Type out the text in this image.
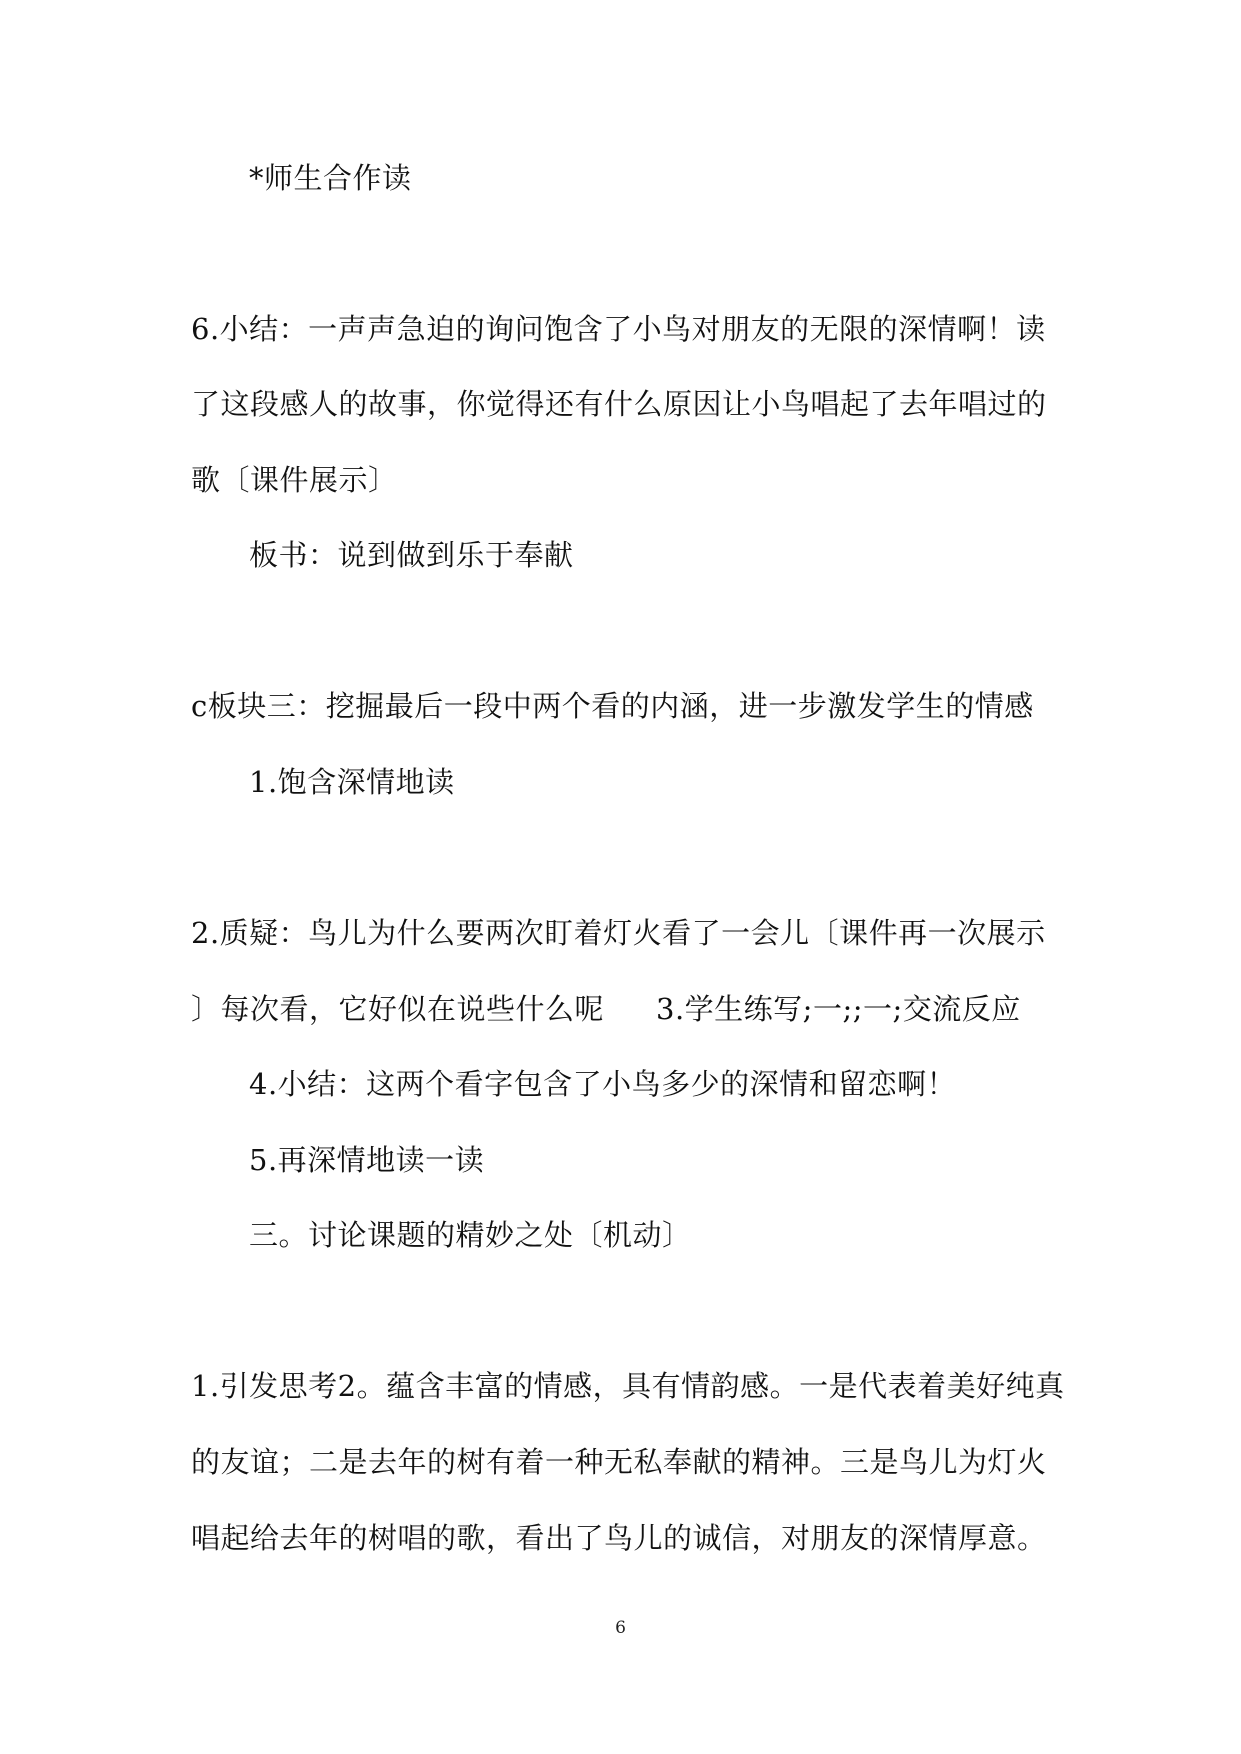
*师生合作读
6.小结：一声声急迫的询问饱含了小鸟对朋友的无限的深情啊！读
了这段感人的故事，你觉得还有什么原因让小鸟唱起了去年唱过的
歌〔课件展示〕
板书：说到做到乐于奉献
c板块三：挖掘最后一段中两个看的内涵，进一步激发学生的情感
1.饱含深情地读
2.质疑：鸟儿为什么要两次盯着灯火看了一会儿〔课件再一次展示
〕每次看，它好似在说些什么呢 3.学生练写;一;;一;交流反应
4.小结：这两个看字包含了小鸟多少的深情和留恋啊！
5.再深情地读一读
三。讨论课题的精妙之处〔机动〕
1.引发思考2。蕴含丰富的情感，具有情韵感。一是代表着美好纯真
的友谊；二是去年的树有着一种无私奉献的精神。三是鸟儿为灯火
唱起给去年的树唱的歌，看出了鸟儿的诚信，对朋友的深情厚意。
6
